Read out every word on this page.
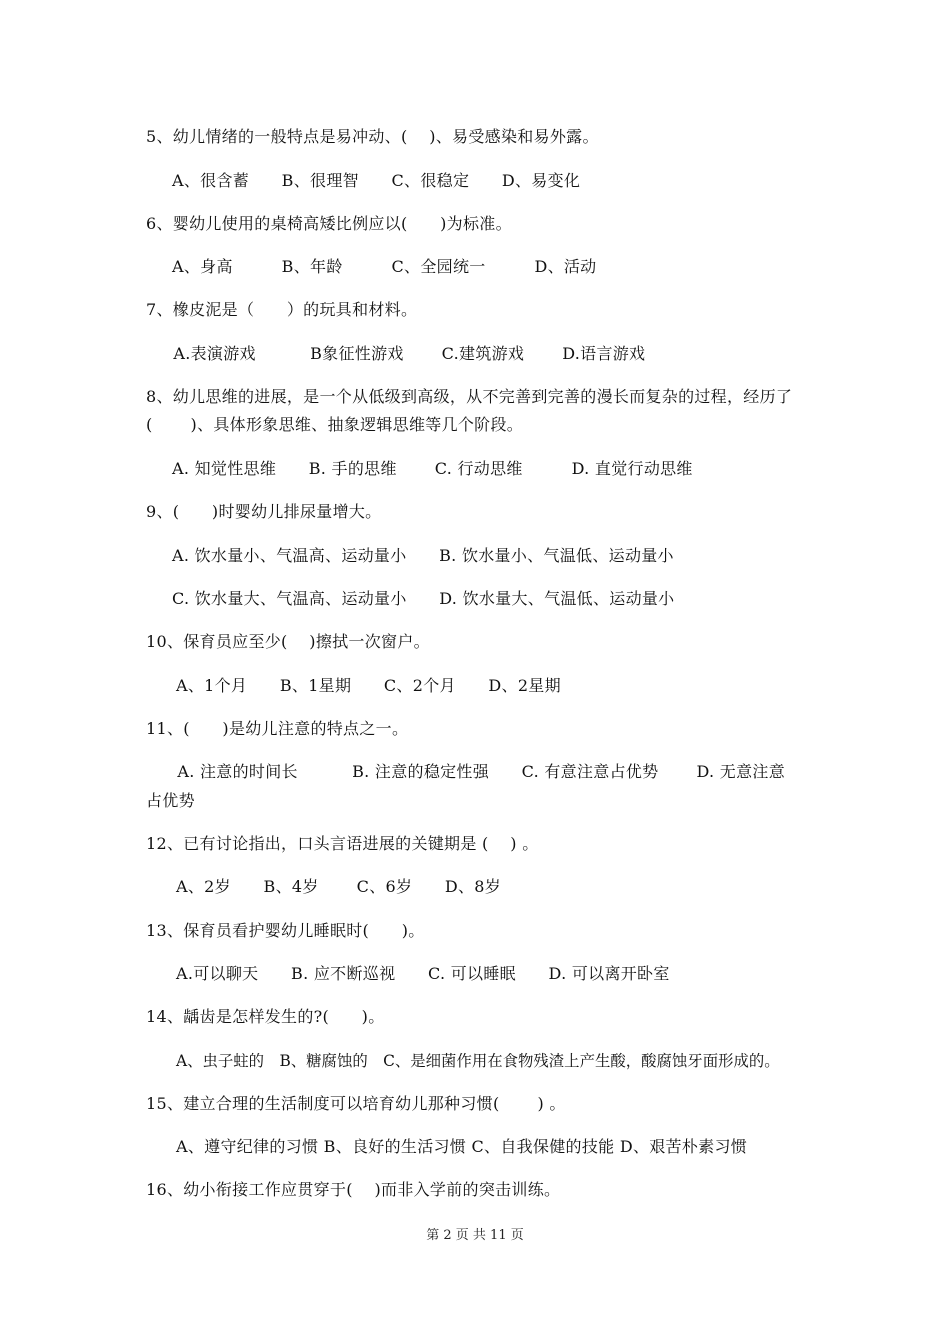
5、幼儿情绪的一般特点是易冲动、(　 )、易受感染和易外露。
A、很含蓄　　B、很理智　　C、很稳定　　D、易变化
6、婴幼儿使用的桌椅高矮比例应以(　　)为标准。
A、身高　　　B、年龄　　　C、全园统一　　　D、活动
7、橡皮泥是（　　）的玩具和材料。
A.表演游戏　　　 B象征性游戏　　 C.建筑游戏　　 D.语言游戏
8、幼儿思维的进展，是一个从低级到高级，从不完善到完善的漫长而复杂的过程，经历了
(　　 )、具体形象思维、抽象逻辑思维等几个阶段。
A. 知觉性思维　　B. 手的思维　　 C. 行动思维　　　D. 直觉行动思维
9、(　　)时婴幼儿排尿量增大。
A. 饮水量小、气温高、运动量小　　B. 饮水量小、气温低、运动量小
C. 饮水量大、气温高、运动量小　　D. 饮水量大、气温低、运动量小
10、保育员应至少(　 )擦拭一次窗户。
A、1个月　　B、1星期　　C、2个月　　D、2星期
11、(　　)是幼儿注意的特点之一。
A. 注意的时间长　　　 B. 注意的稳定性强　　C. 有意注意占优势　　 D. 无意注意
占优势
12、已有讨论指出，口头言语进展的关键期是 (　 ) 。
A、2岁　　B、4岁　　 C、6岁　　D、8岁
13、保育员看护婴幼儿睡眠时(　　)。
A.可以聊天　　B. 应不断巡视　　C. 可以睡眠　　D. 可以离开卧室
14、龋齿是怎样发生的?(　　)。
A、虫子蛀的　B、糖腐蚀的　C、是细菌作用在食物残渣上产生酸，酸腐蚀牙面形成的。
15、建立合理的生活制度可以培育幼儿那种习惯(　　 ) 。
A、遵守纪律的习惯 B、良好的生活习惯 C、自我保健的技能 D、艰苦朴素习惯
16、幼小衔接工作应贯穿于(　 )而非入学前的突击训练。
第 2 页 共 11 页
